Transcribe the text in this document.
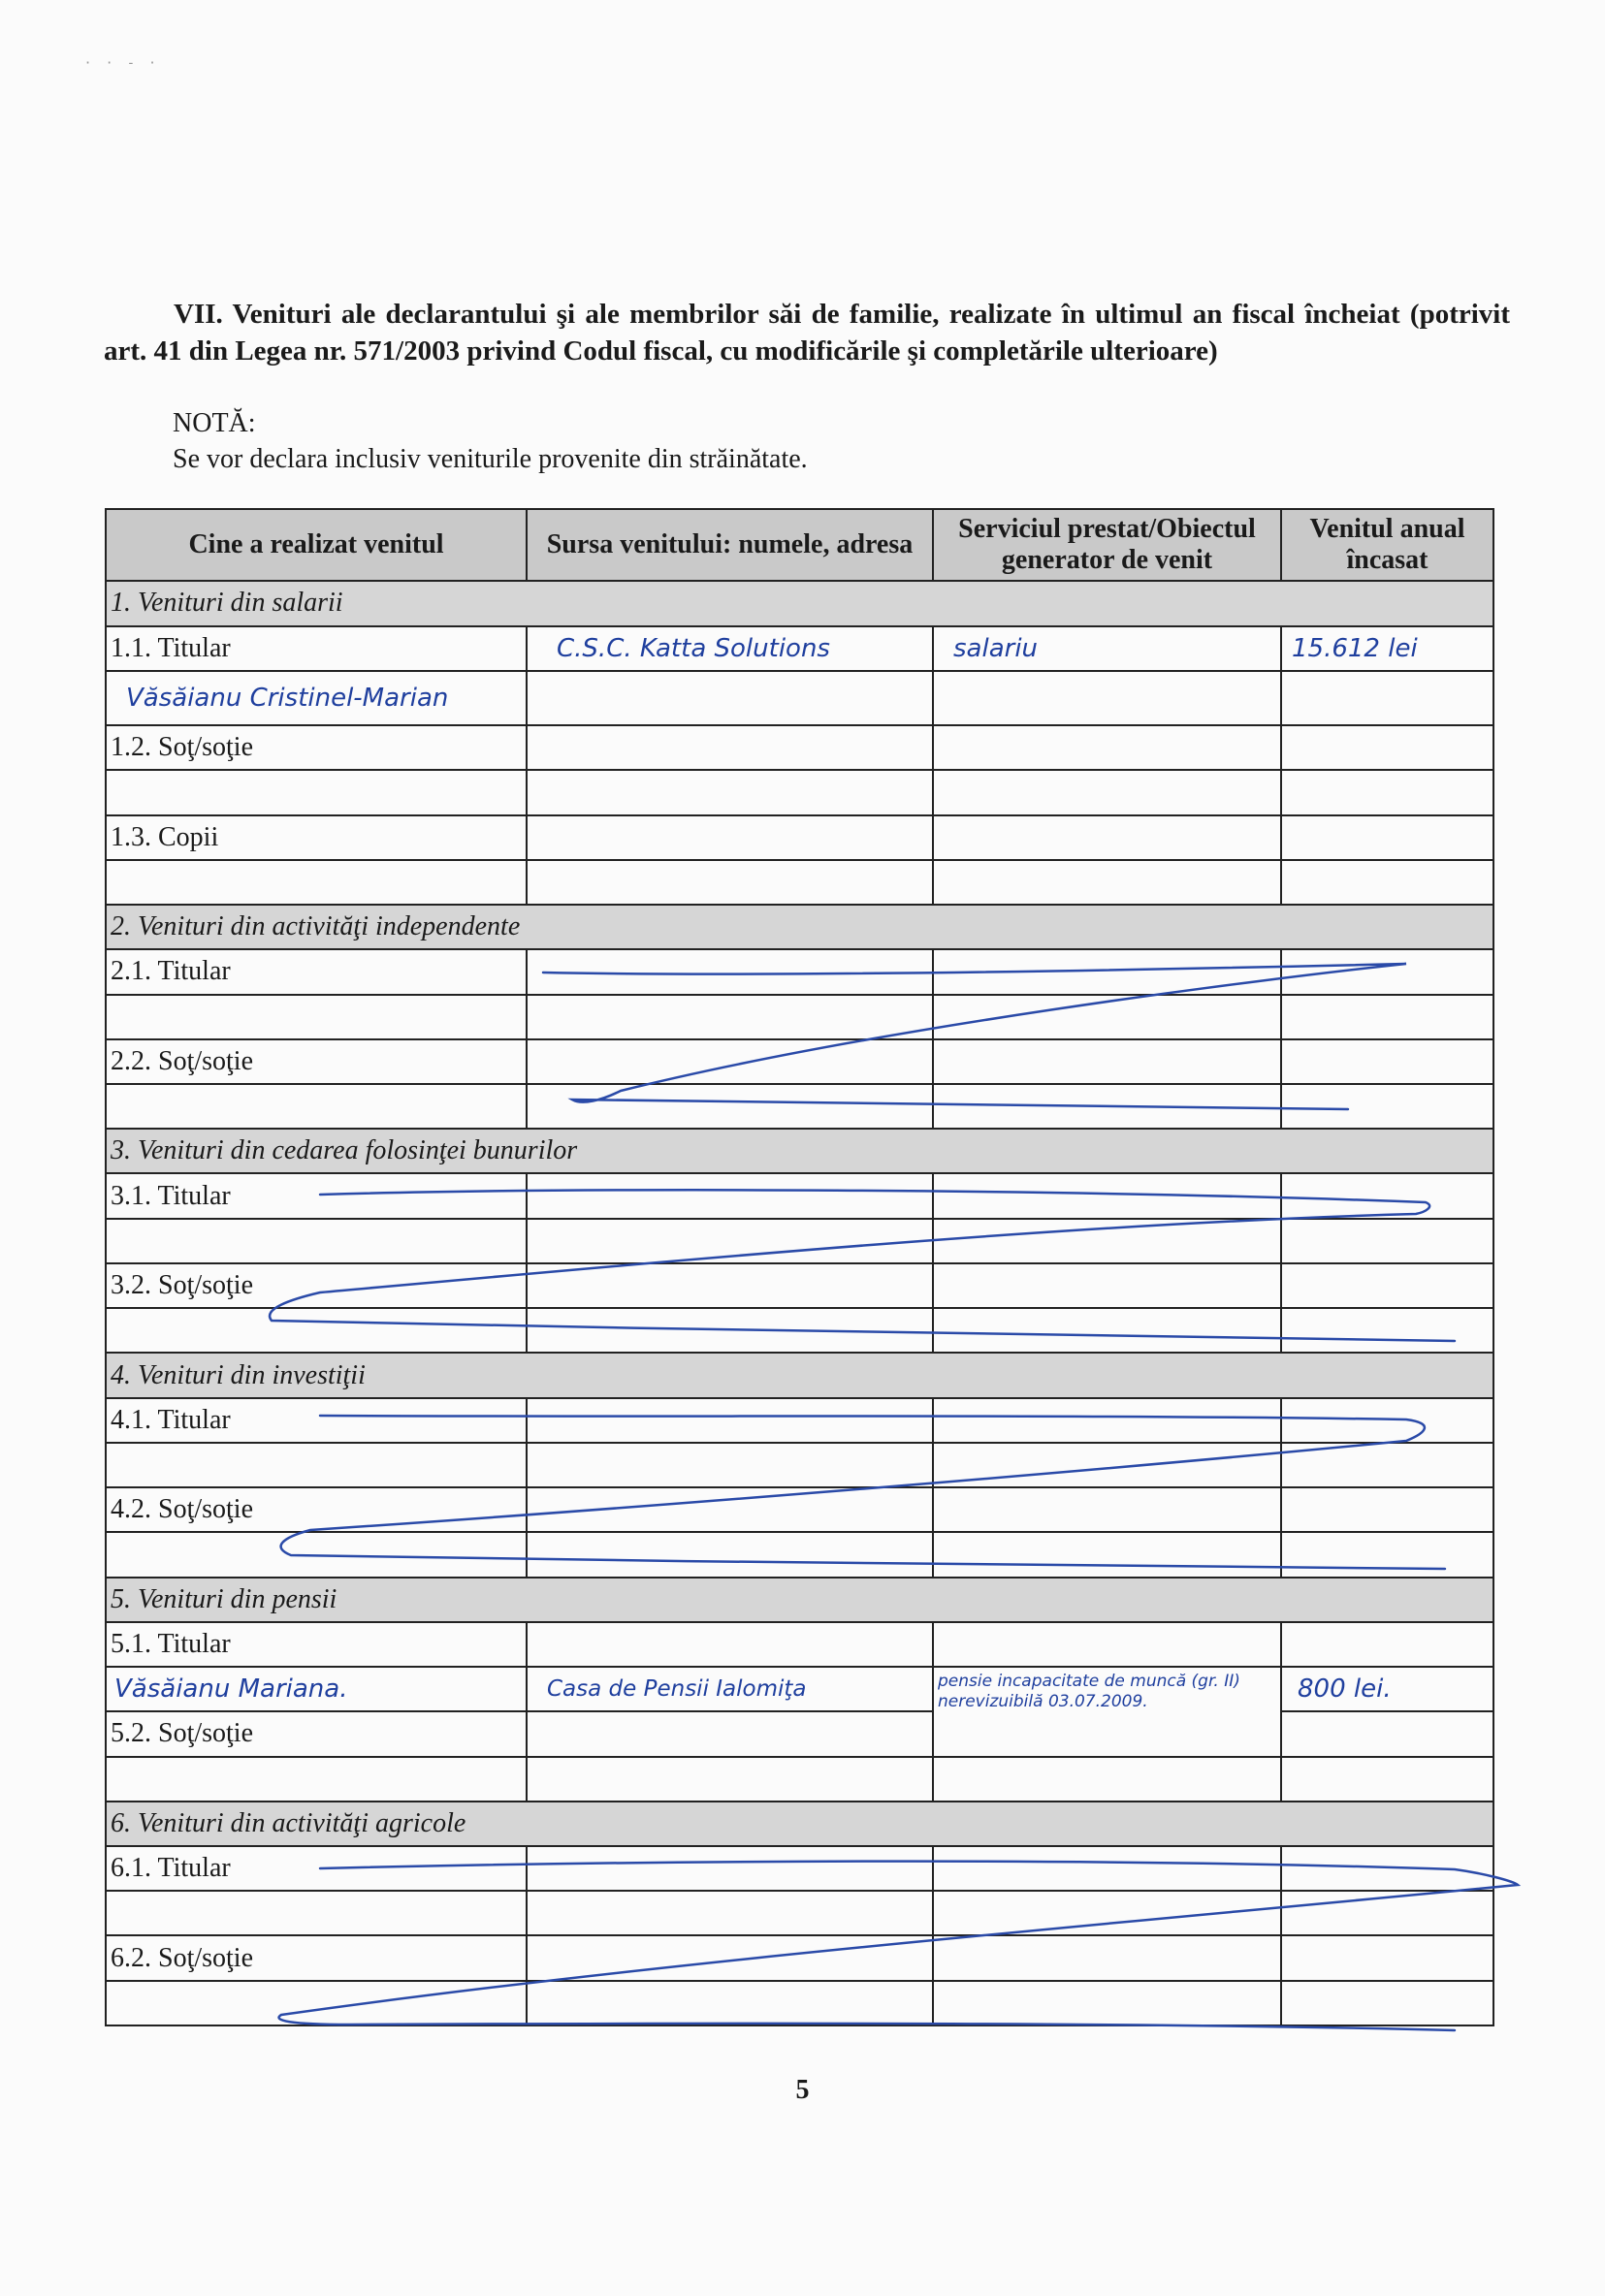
· · ˗ ·
VII. Venituri ale declarantului şi ale membrilor săi de familie, realizate în ultimul an fiscal încheiat (potrivit art. 41 din Legea nr. 571/2003 privind Codul fiscal, cu modificările şi completările ulterioare)
NOTĂ:
Se vor declara inclusiv veniturile provenite din străinătate.
Cine a realizat venitul	Sursa venitului: numele, adresa	Serviciul prestat/Obiectul generator de venit	Venitul anual încasat
1. Venituri din salarii			
1.1. Titular	C.S.C. Katta Solutions	salariu	15.612 lei
Văsăianu Cristinel-Marian			
1.2. Soţ/soţie			

1.3. Copii			

2. Venituri din activităţi independente			
2.1. Titular			

2.2. Soţ/soţie			

3. Venituri din cedarea folosinţei bunurilor			
3.1. Titular			

3.2. Soţ/soţie			

4. Venituri din investiţii			
4.1. Titular			

4.2. Soţ/soţie			

5. Venituri din pensii			
5.1. Titular			
Văsăianu Mariana.	Casa de Pensii Ialomiţa	pensie incapacitate de muncă (gr. II) nerevizuibilă 03.07.2009.	800 lei.
5.2. Soţ/soţie			

6. Venituri din activităţi agricole			
6.1. Titular			

6.2. Soţ/soţie			

5
